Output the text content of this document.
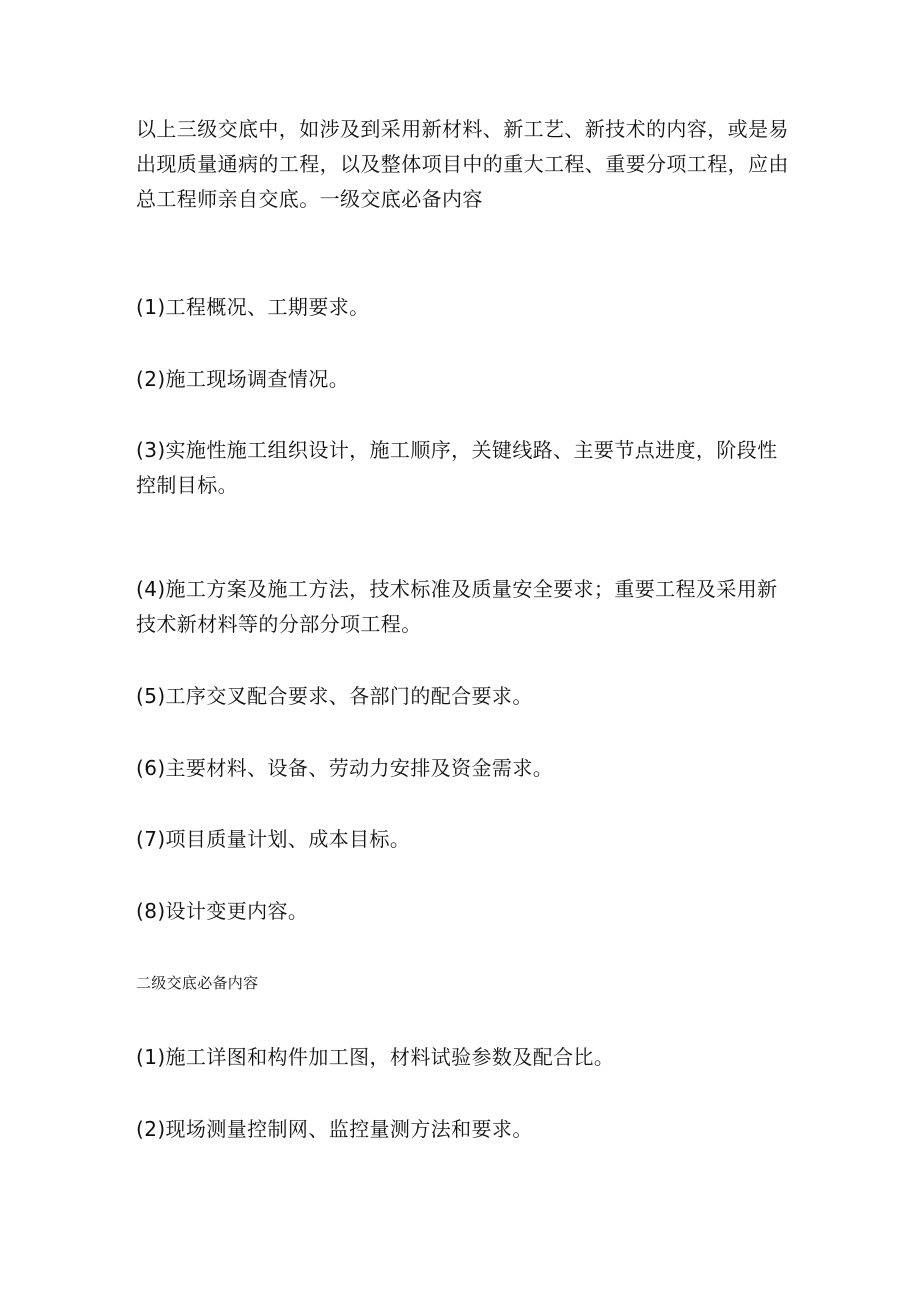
以上三级交底中，如涉及到采用新材料、新工艺、新技术的内容，或是易出现质量通病的工程，以及整体项目中的重大工程、重要分项工程，应由总工程师亲自交底。一级交底必备内容

(1)工程概况、工期要求。

(2)施工现场调查情况。

(3)实施性施工组织设计，施工顺序，关键线路、主要节点进度，阶段性控制目标。

(4)施工方案及施工方法，技术标准及质量安全要求；重要工程及采用新技术新材料等的分部分项工程。

(5)工序交叉配合要求、各部门的配合要求。

(6)主要材料、设备、劳动力安排及资金需求。

(7)项目质量计划、成本目标。

(8)设计变更内容。

二级交底必备内容

(1)施工详图和构件加工图，材料试验参数及配合比。

(2)现场测量控制网、监控量测方法和要求。
